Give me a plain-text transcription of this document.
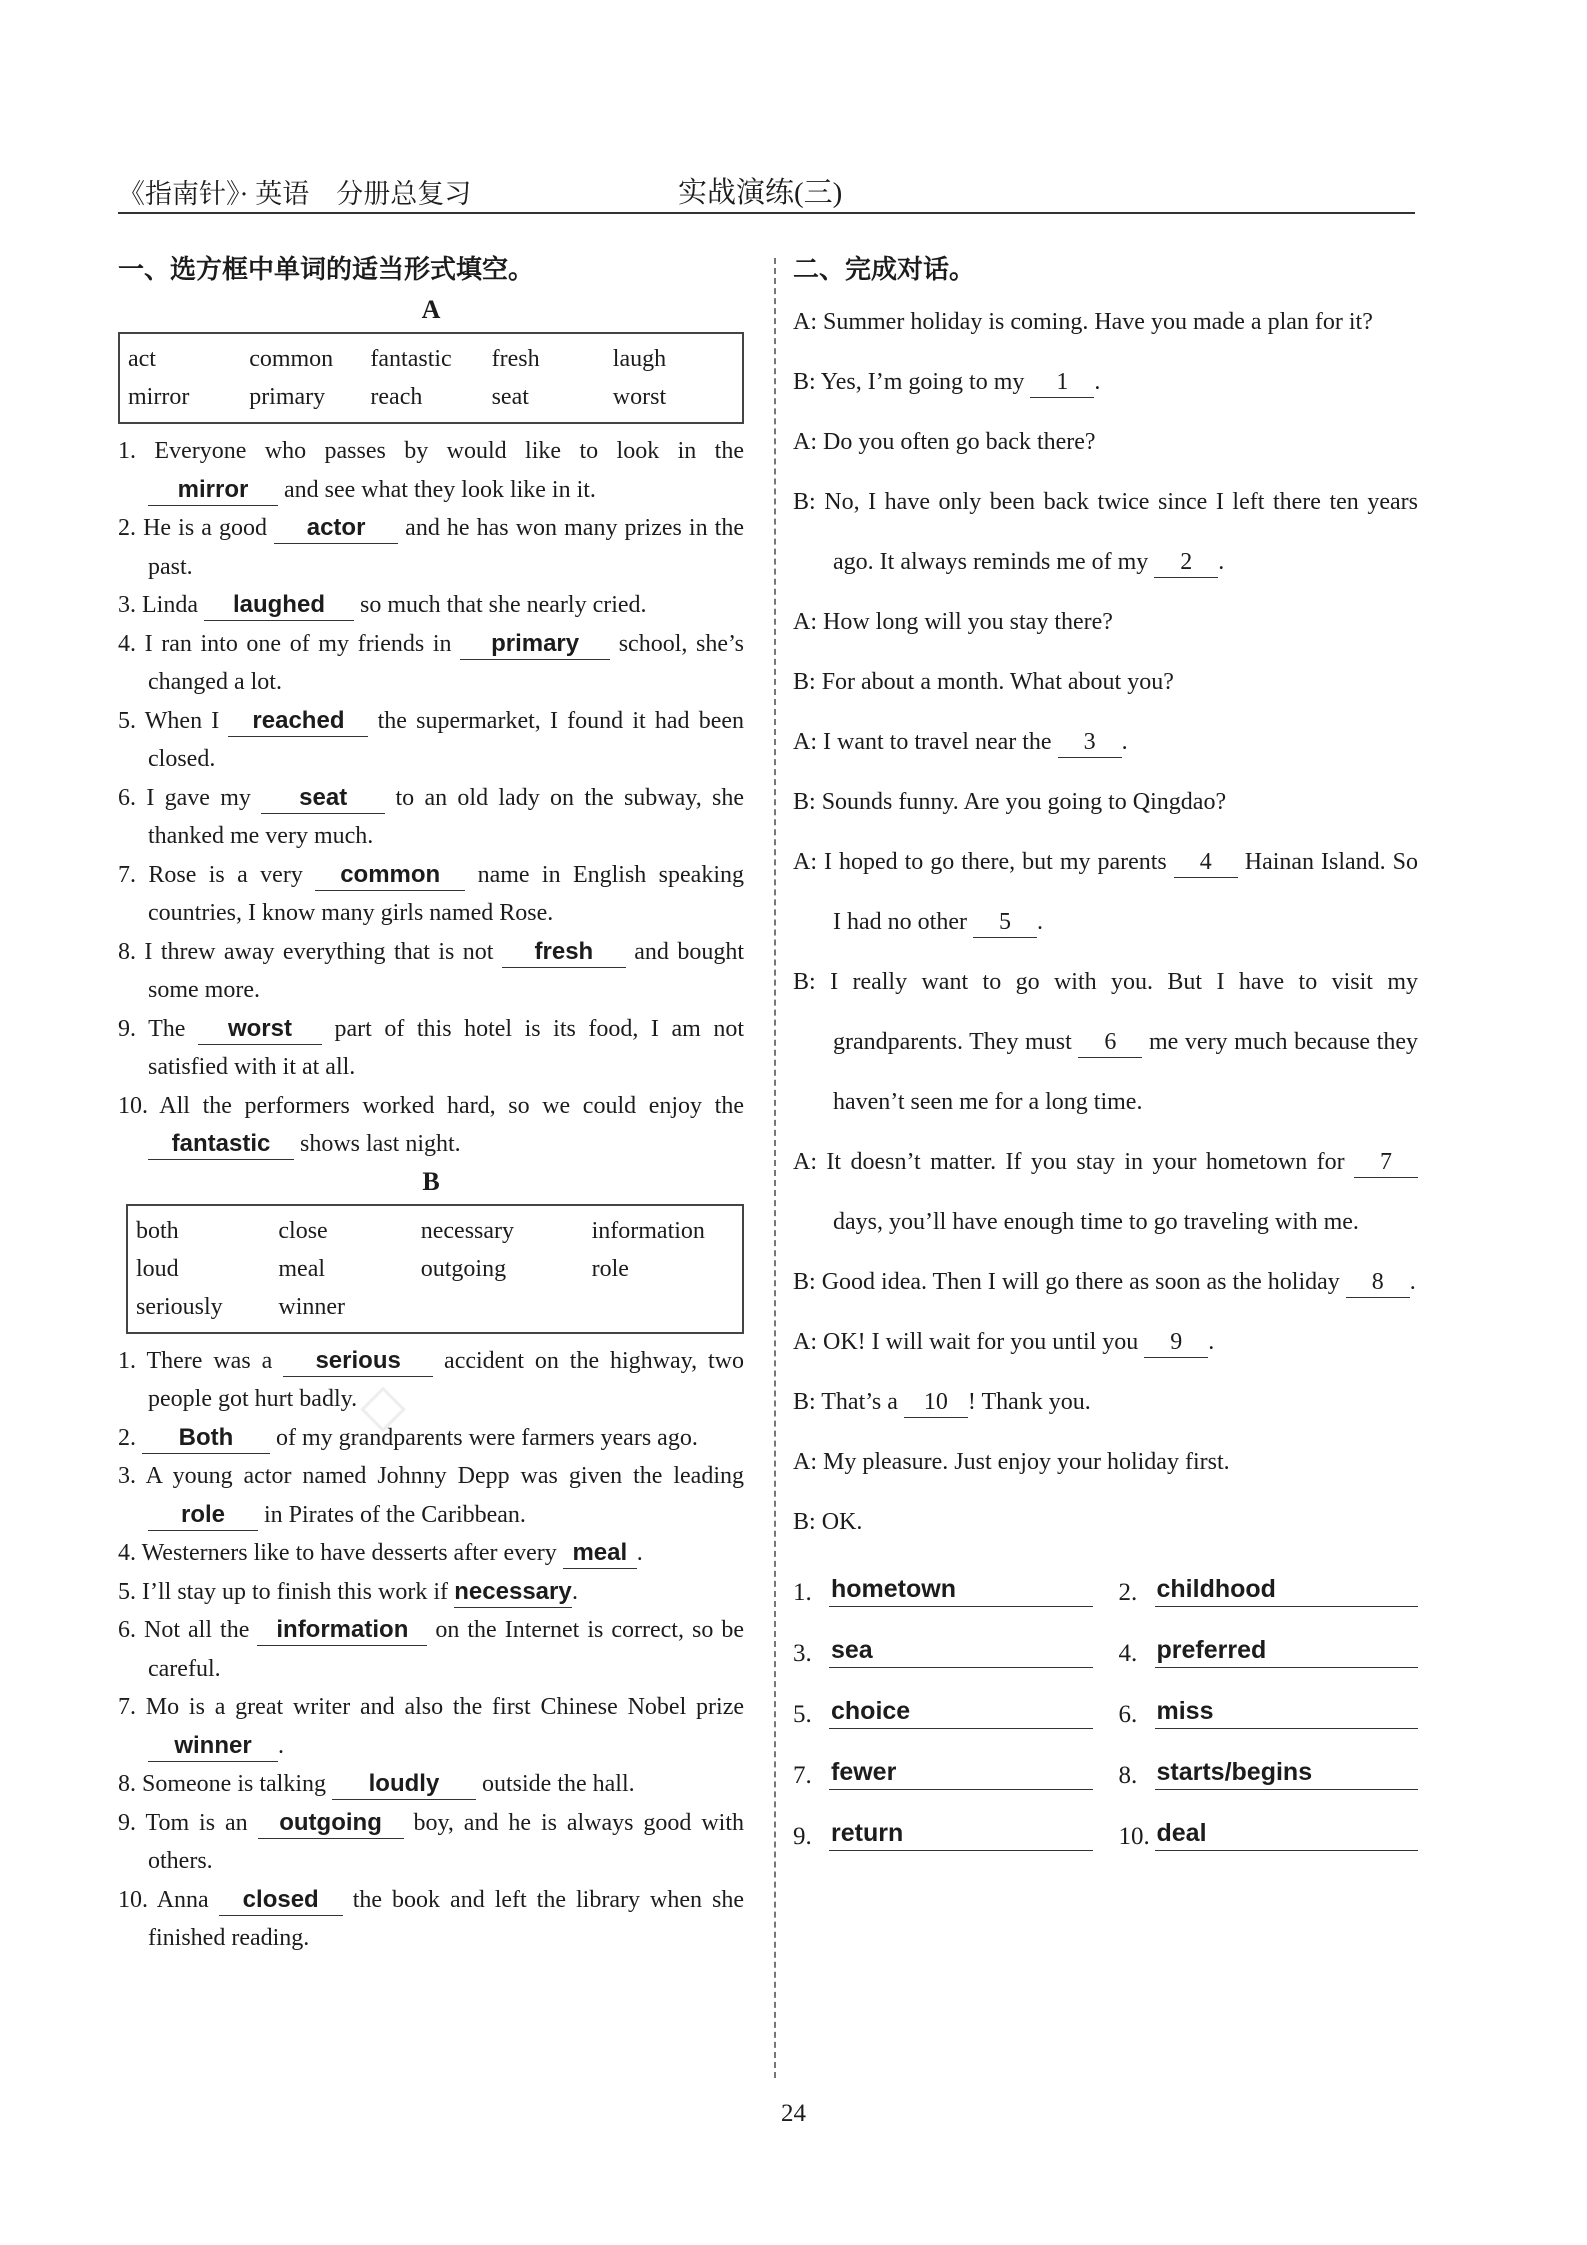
《指南针》· 英语　分册总复习	实战演练(三)
一、选方框中单词的适当形式填空。
A
act	common	fantastic	fresh	laugh
mirror	primary	reach	seat	worst
1. Everyone who passes by would like to look in the mirror and see what they look like in it.
2. He is a good actor and he has won many prizes in the past.
3. Linda laughed so much that she nearly cried.
4. I ran into one of my friends in primary school, she’s changed a lot.
5. When I reached the supermarket, I found it had been closed.
6. I gave my seat to an old lady on the subway, she thanked me very much.
7. Rose is a very common name in English speaking countries, I know many girls named Rose.
8. I threw away everything that is not fresh and bought some more.
9. The worst part of this hotel is its food, I am not satisfied with it at all.
10. All the performers worked hard, so we could enjoy the fantastic shows last night.
B
both	close	necessary	information
loud	meal	outgoing	role
seriously	winner
1. There was a serious accident on the highway, two people got hurt badly.
2. Both of my grandparents were farmers years ago.
3. A young actor named Johnny Depp was given the leading role in Pirates of the Caribbean.
4. Westerners like to have desserts after every meal .
5. I’ll stay up to finish this work if necessary.
6. Not all the information on the Internet is correct, so be careful.
7. Mo is a great writer and also the first Chinese Nobel prize winner .
8. Someone is talking loudly outside the hall.
9. Tom is an outgoing boy, and he is always good with others.
10. Anna closed the book and left the library when she finished reading.
二、完成对话。
A: Summer holiday is coming. Have you made a plan for it?
B: Yes, I’m going to my 1 .
A: Do you often go back there?
B: No, I have only been back twice since I left there ten years ago. It always reminds me of my 2 .
A: How long will you stay there?
B: For about a month. What about you?
A: I want to travel near the 3 .
B: Sounds funny. Are you going to Qingdao?
A: I hoped to go there, but my parents 4 Hainan Island. So I had no other 5 .
B: I really want to go with you. But I have to visit my grandparents. They must 6 me very much because they haven’t seen me for a long time.
A: It doesn’t matter. If you stay in your hometown for 7 days, you’ll have enough time to go traveling with me.
B: Good idea. Then I will go there as soon as the holiday 8 .
A: OK! I will wait for you until you 9 .
B: That’s a 10 ! Thank you.
A: My pleasure. Just enjoy your holiday first.
B: OK.
1. hometown	2. childhood
3. sea	4. preferred
5. choice	6. miss
7. fewer	8. starts/begins
9. return	10. deal
24
◇
